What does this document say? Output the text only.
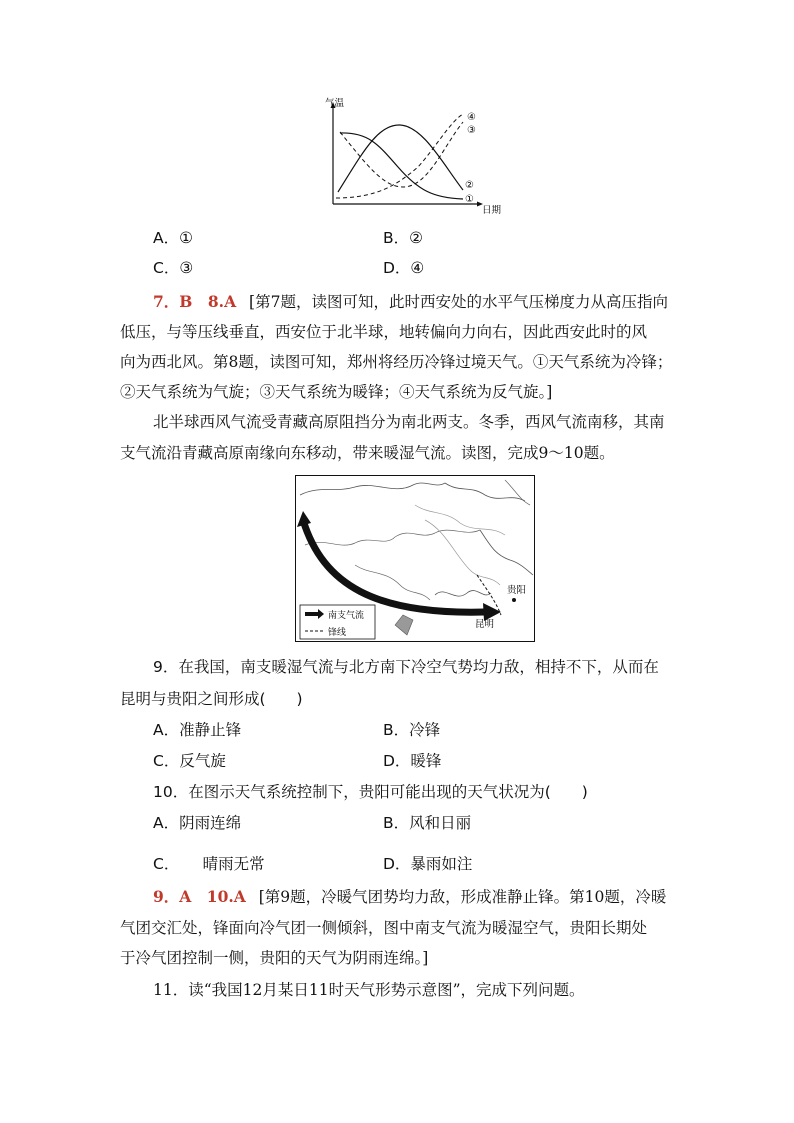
气温
日期
④
③
②
①
A．①	B．②
C．③	D．④
7．B　8.A [第7题，读图可知，此时西安处的水平气压梯度力从高压指向
低压，与等压线垂直，西安位于北半球，地转偏向力向右，因此西安此时的风
向为西北风。第8题，读图可知，郑州将经历冷锋过境天气。①天气系统为冷锋；
②天气系统为气旋；③天气系统为暖锋；④天气系统为反气旋。]
北半球西风气流受青藏高原阻挡分为南北两支。冬季，西风气流南移，其南
支气流沿青藏高原南缘向东移动，带来暖湿气流。读图，完成9～10题。
贵阳
昆明
南支气流
锋线
9．在我国，南支暖湿气流与北方南下冷空气势均力敌，相持不下，从而在
昆明与贵阳之间形成(　　)
A．准静止锋	B．冷锋
C．反气旋	D．暖锋
10．在图示天气系统控制下，贵阳可能出现的天气状况为(　　)
A．阴雨连绵	B．风和日丽
C．　　晴雨无常	D．暴雨如注
9．A　10.A [第9题，冷暖气团势均力敌，形成准静止锋。第10题，冷暖
气团交汇处，锋面向冷气团一侧倾斜，图中南支气流为暖湿空气，贵阳长期处
于冷气团控制一侧，贵阳的天气为阴雨连绵。]
11．读“我国12月某日11时天气形势示意图”，完成下列问题。
